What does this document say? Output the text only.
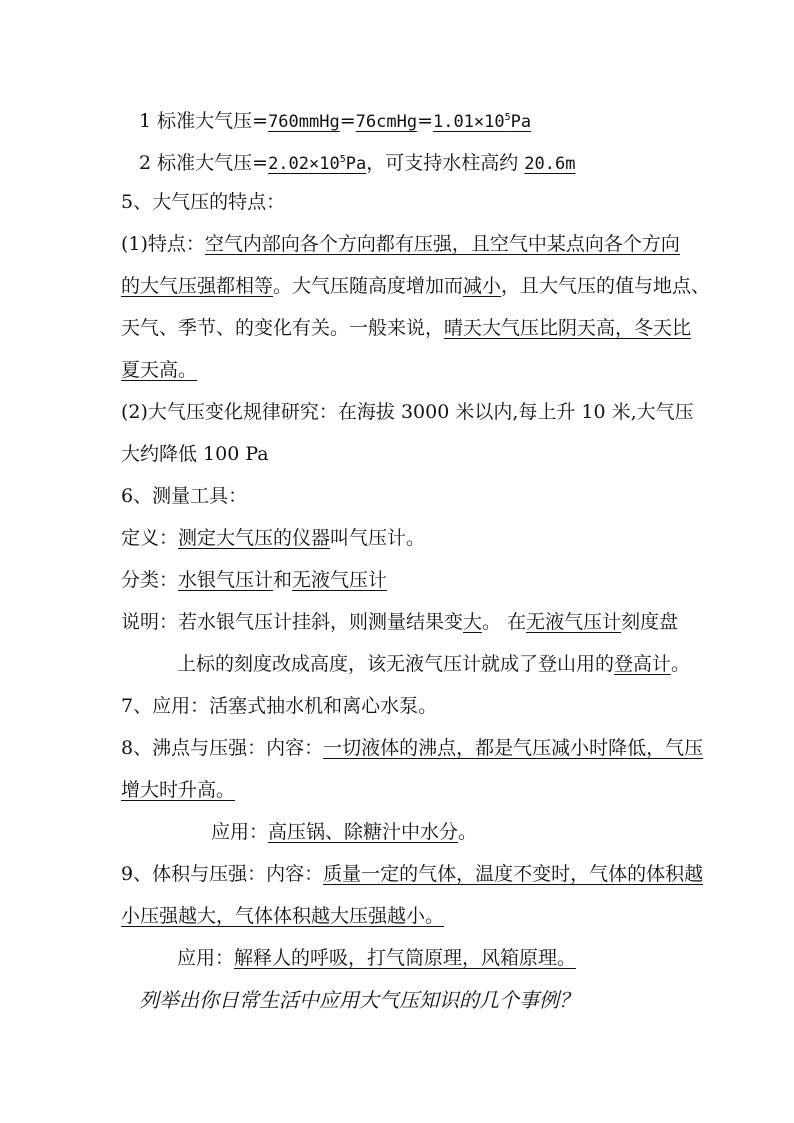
1 标准大气压$=760mmHg=76cmHg=1.01\times 10^5Pa$
2 标准大气压$=2.02\times 10^5Pa$，可支持水柱高约 20.6m
5、大气压的特点：
(1)特点：空气内部向各个方向都有压强，且空气中某点向各个方向
的大气压强都相等。大气压随高度增加而减小，且大气压的值与地点、
天气、季节、的变化有关。一般来说，晴天大气压比阴天高，冬天比
夏天高。
(2)大气压变化规律研究：在海拔 3000 米以内,每上升 10 米,大气压
大约降低 100 Pa
6、测量工具：
定义：测定大气压的仪器叫气压计。
分类：水银气压计和无液气压计
说明：若水银气压计挂斜，则测量结果变大。 在无液气压计刻度盘
上标的刻度改成高度，该无液气压计就成了登山用的登高计。
7、应用：活塞式抽水机和离心水泵。
8、沸点与压强：内容：一切液体的沸点，都是气压减小时降低，气压
增大时升高。
应用：高压锅、除糖汁中水分。
9、体积与压强：内容：质量一定的气体，温度不变时，气体的体积越
小压强越大，气体体积越大压强越小。
应用：解释人的呼吸，打气筒原理，风箱原理。
列举出你日常生活中应用大气压知识的几个事例？
